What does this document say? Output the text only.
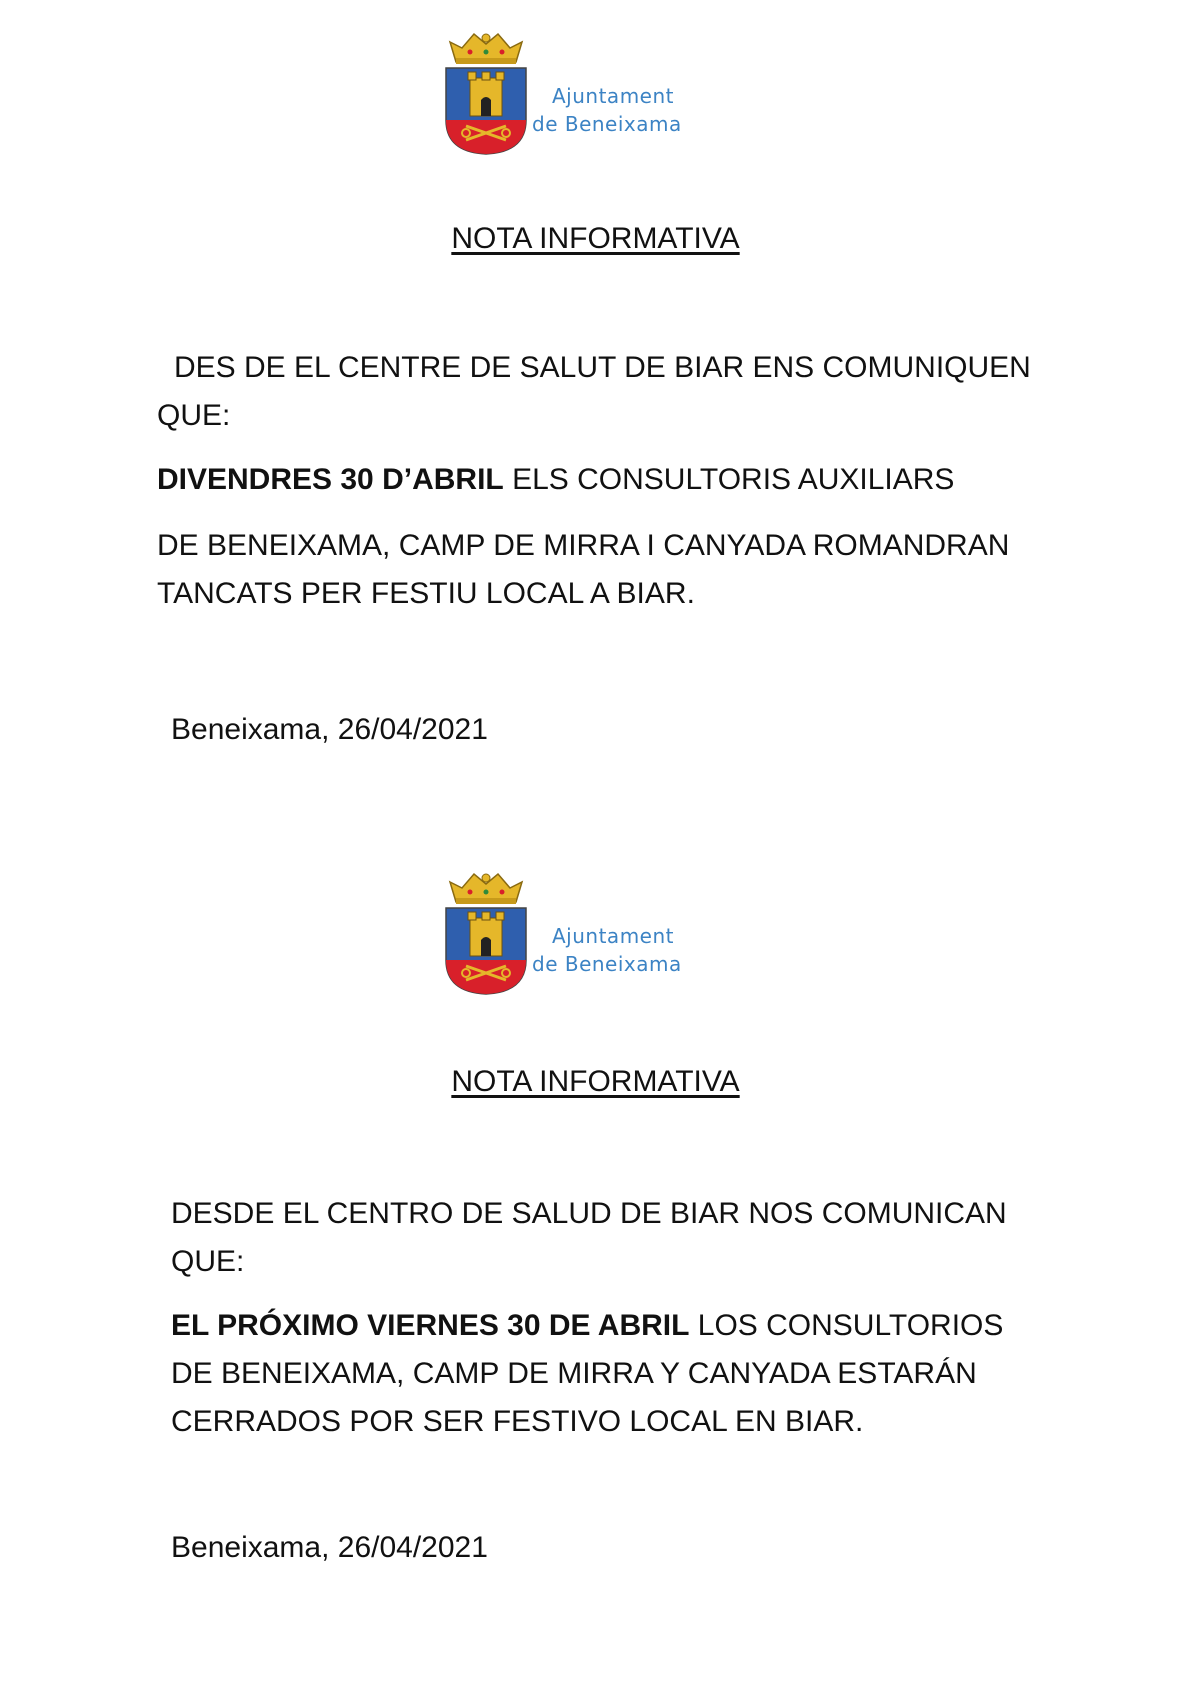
Ajuntament
de Beneixama
NOTA INFORMATIVA
DES DE EL CENTRE DE SALUT DE BIAR ENS COMUNIQUEN
QUE:
DIVENDRES 30 D’ABRIL ELS CONSULTORIS AUXILIARS
DE BENEIXAMA, CAMP DE MIRRA I CANYADA ROMANDRAN
TANCATS PER FESTIU LOCAL A BIAR.
Beneixama, 26/04/2021
Ajuntament
de Beneixama
NOTA INFORMATIVA
DESDE EL CENTRO DE SALUD DE BIAR NOS COMUNICAN
QUE:
EL PRÓXIMO VIERNES 30 DE ABRIL LOS CONSULTORIOS
DE BENEIXAMA, CAMP DE MIRRA Y CANYADA ESTARÁN
CERRADOS POR SER FESTIVO LOCAL EN BIAR.
Beneixama, 26/04/2021
